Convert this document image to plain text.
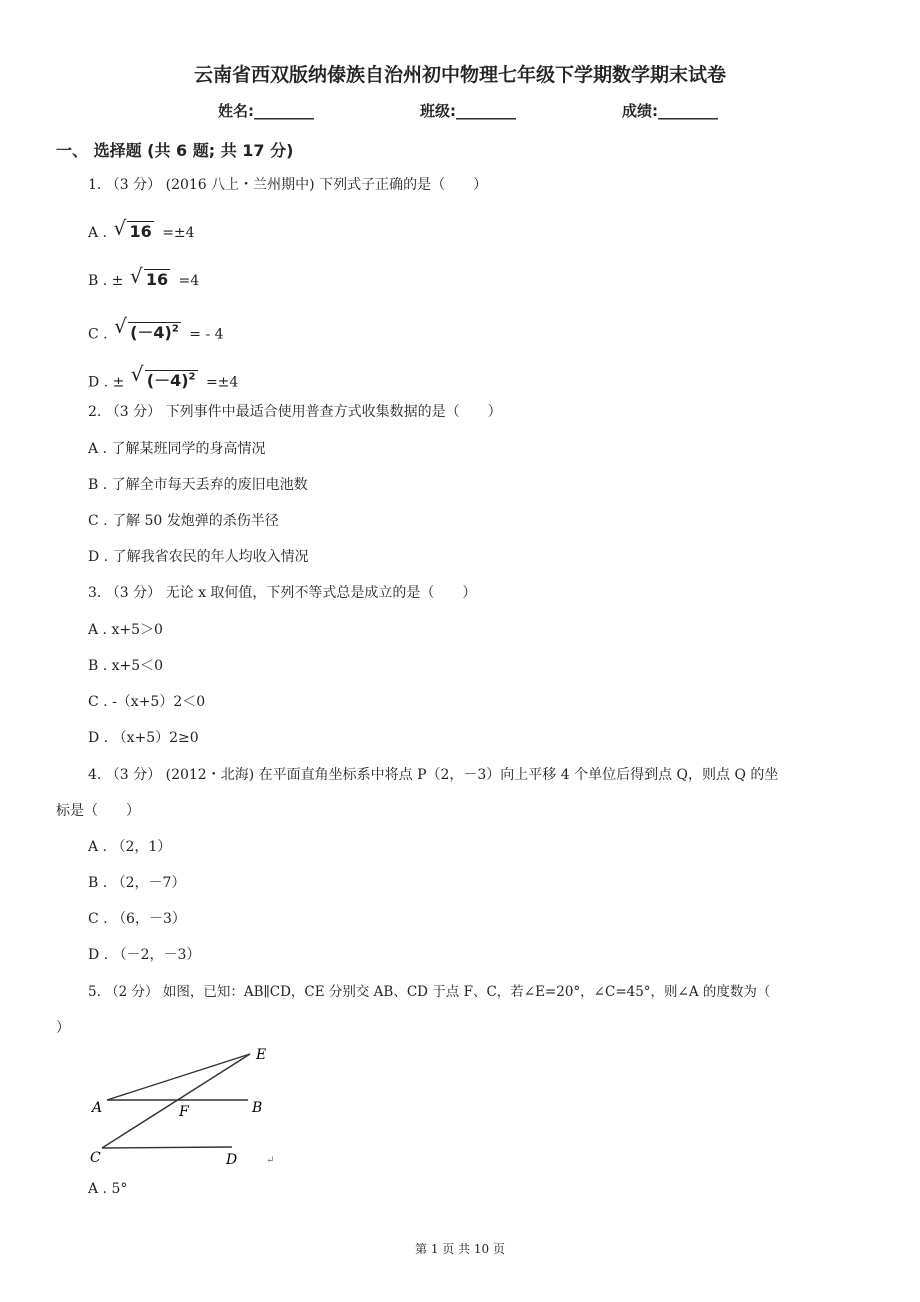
云南省西双版纳傣族自治州初中物理七年级下学期数学期末试卷
姓名:________	班级:________	成绩:________
一、 选择题 (共 6 题; 共 17 分)
1. （3 分） (2016 八上・兰州期中) 下列式子正确的是（　　）
A . √ 16 =±4
B . ± √ 16 =4
C . √ $(-4)^2$ = - 4
D . ± √ $(-4)^2 =\pm 4$
2. （3 分） 下列事件中最适合使用普查方式收集数据的是（　　）
A . 了解某班同学的身高情况
B . 了解全市每天丢弃的废旧电池数
C . 了解 50 发炮弹的杀伤半径
D . 了解我省农民的年人均收入情况
3. （3 分） 无论 x 取何值，下列不等式总是成立的是（　　）
A . x+5＞0
B . x+5＜0
C . -（x+5）2＜0
D . （x+5）2≥0
4. （3 分） (2012・北海) 在平面直角坐标系中将点 P（2，－3）向上平移 4 个单位后得到点 Q，则点 Q 的坐
标是（　　）
A . （2，1）
B . （2，－7）
C . （6，－3）
D . （－2，－3）
5. （2 分） 如图，已知：AB∥CD，CE 分别交 AB、CD 于点 F、C，若∠E=20°，∠C=45°，则∠A 的度数为（
）
E
A	F	B
C	D	↵
A . 5°
第 1 页 共 10 页
